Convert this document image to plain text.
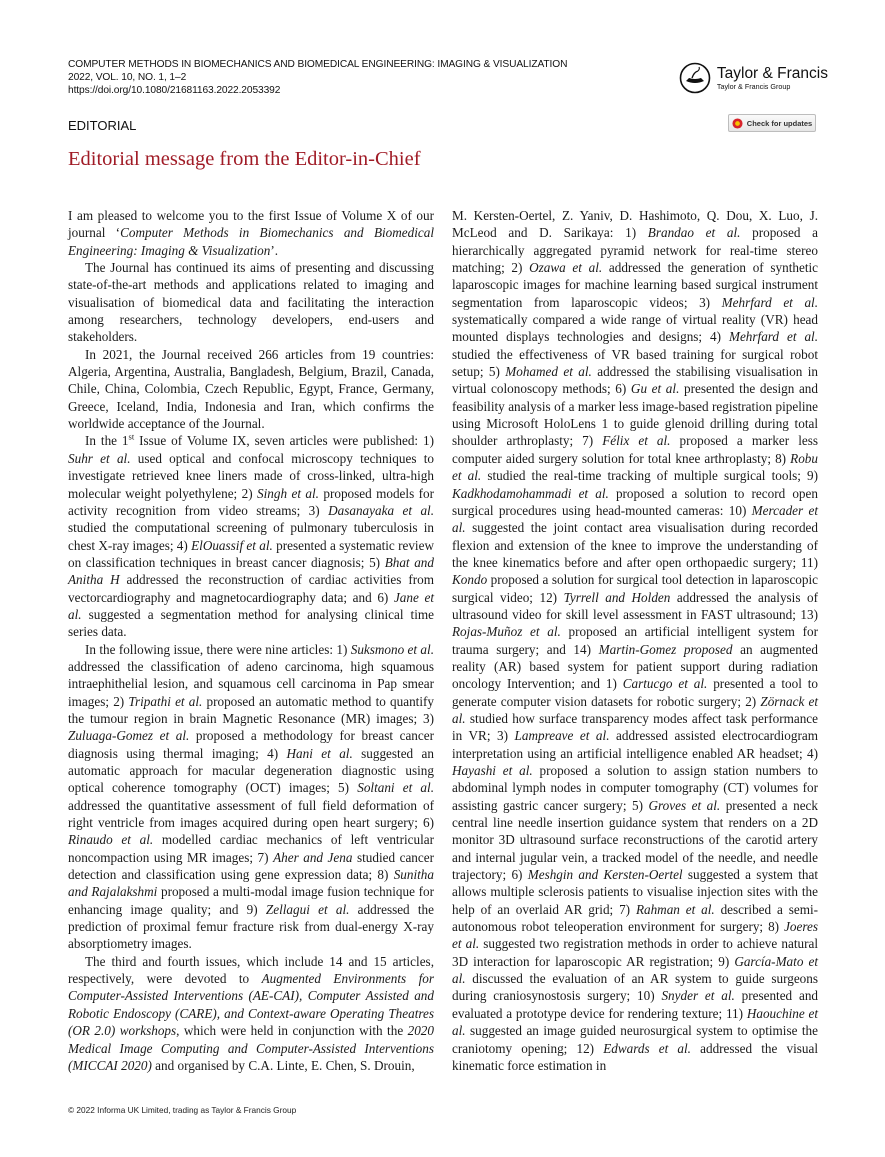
COMPUTER METHODS IN BIOMECHANICS AND BIOMEDICAL ENGINEERING: IMAGING & VISUALIZATION
2022, VOL. 10, NO. 1, 1–2
https://doi.org/10.1080/21681163.2022.2053392
Taylor & Francis
Taylor & Francis Group
EDITORIAL	Check for updates
Editorial message from the Editor-in-Chief

I am pleased to welcome you to the first Issue of Volume X of our journal ‘Computer Methods in Biomechanics and Biomedical Engineering: Imaging & Visualization’.

The Journal has continued its aims of presenting and discussing state-of-the-art methods and applications related to imaging and visualisation of biomedical data and facilitating the interaction among researchers, technology developers, end-users and stakeholders.

In 2021, the Journal received 266 articles from 19 countries: Algeria, Argentina, Australia, Bangladesh, Belgium, Brazil, Canada, Chile, China, Colombia, Czech Republic, Egypt, France, Germany, Greece, Iceland, India, Indonesia and Iran, which confirms the worldwide acceptance of the Journal.

In the 1st Issue of Volume IX, seven articles were published: 1) Suhr et al. used optical and confocal microscopy techniques to investigate retrieved knee liners made of cross-linked, ultra-high molecular weight polyethylene; 2) Singh et al. proposed models for activity recognition from video streams; 3) Dasanayaka et al. studied the computational screening of pulmonary tuberculosis in chest X-ray images; 4) ElOuassif et al. presented a systematic review on classification techniques in breast cancer diagnosis; 5) Bhat and Anitha H addressed the reconstruction of cardiac activities from vectorcardiography and magnetocardiography data; and 6) Jane et al. suggested a segmentation method for analysing clinical time series data.

In the following issue, there were nine articles: 1) Suksmono et al. addressed the classification of adeno carcinoma, high squamous intraephithelial lesion, and squamous cell carcinoma in Pap smear images; 2) Tripathi et al. proposed an automatic method to quantify the tumour region in brain Magnetic Resonance (MR) images; 3) Zuluaga-Gomez et al. proposed a methodology for breast cancer diagnosis using thermal imaging; 4) Hani et al. suggested an automatic approach for macular degeneration diagnostic using optical coherence tomography (OCT) images; 5) Soltani et al. addressed the quantitative assessment of full field deformation of right ventricle from images acquired during open heart surgery; 6) Rinaudo et al. modelled cardiac mechanics of left ventricular noncompaction using MR images; 7) Aher and Jena studied cancer detection and classification using gene expression data; 8) Sunitha and Rajalakshmi proposed a multi-modal image fusion technique for enhancing image quality; and 9) Zellagui et al. addressed the prediction of proximal femur fracture risk from dual-energy X-ray absorptiometry images.

The third and fourth issues, which include 14 and 15 articles, respectively, were devoted to Augmented Environments for Computer-Assisted Interventions (AE-CAI), Computer Assisted and Robotic Endoscopy (CARE), and Context-aware Operating Theatres (OR 2.0) workshops, which were held in conjunction with the 2020 Medical Image Computing and Computer-Assisted Interventions (MICCAI 2020) and organised by C.A. Linte, E. Chen, S. Drouin,

M. Kersten-Oertel, Z. Yaniv, D. Hashimoto, Q. Dou, X. Luo, J. McLeod and D. Sarikaya: 1) Brandao et al. proposed a hierarchically aggregated pyramid network for real-time stereo matching; 2) Ozawa et al. addressed the generation of synthetic laparoscopic images for machine learning based surgical instrument segmentation from laparoscopic videos; 3) Mehrfard et al. systematically compared a wide range of virtual reality (VR) head mounted displays technologies and designs; 4) Mehrfard et al. studied the effectiveness of VR based training for surgical robot setup; 5) Mohamed et al. addressed the stabilising visualisation in virtual colonoscopy methods; 6) Gu et al. presented the design and feasibility analysis of a marker less image-based registration pipeline using Microsoft HoloLens 1 to guide glenoid drilling during total shoulder arthroplasty; 7) Félix et al. proposed a marker less computer aided surgery solution for total knee arthroplasty; 8) Robu et al. studied the real-time tracking of multiple surgical tools; 9) Kadkhodamohammadi et al. proposed a solution to record open surgical procedures using head-mounted cameras: 10) Mercader et al. suggested the joint contact area visualisation during recorded flexion and extension of the knee to improve the understanding of the knee kinematics before and after open orthopaedic surgery; 11) Kondo proposed a solution for surgical tool detection in laparoscopic surgical video; 12) Tyrrell and Holden addressed the analysis of ultrasound video for skill level assessment in FAST ultrasound; 13) Rojas-Muñoz et al. proposed an artificial intelligent system for trauma surgery; and 14) Martin-Gomez proposed an augmented reality (AR) based system for patient support during radiation oncology Intervention; and 1) Cartucgo et al. presented a tool to generate computer vision datasets for robotic surgery; 2) Zörnack et al. studied how surface transparency modes affect task performance in VR; 3) Lampreave et al. addressed assisted electrocardiogram interpretation using an artificial intelligence enabled AR headset; 4) Hayashi et al. proposed a solution to assign station numbers to abdominal lymph nodes in computer tomography (CT) volumes for assisting gastric cancer surgery; 5) Groves et al. presented a neck central line needle insertion guidance system that renders on a 2D monitor 3D ultrasound surface reconstructions of the carotid artery and internal jugular vein, a tracked model of the needle, and needle trajectory; 6) Meshgin and Kersten-Oertel suggested a system that allows multiple sclerosis patients to visualise injection sites with the help of an overlaid AR grid; 7) Rahman et al. described a semi-autonomous robot teleoperation environment for surgery; 8) Joeres et al. suggested two registration methods in order to achieve natural 3D interaction for laparoscopic AR registration; 9) García-Mato et al. discussed the evaluation of an AR system to guide surgeons during craniosynostosis surgery; 10) Snyder et al. presented and evaluated a prototype device for rendering texture; 11) Haouchine et al. suggested an image guided neurosurgical system to optimise the craniotomy opening; 12) Edwards et al. addressed the visual kinematic force estimation in

© 2022 Informa UK Limited, trading as Taylor & Francis Group
